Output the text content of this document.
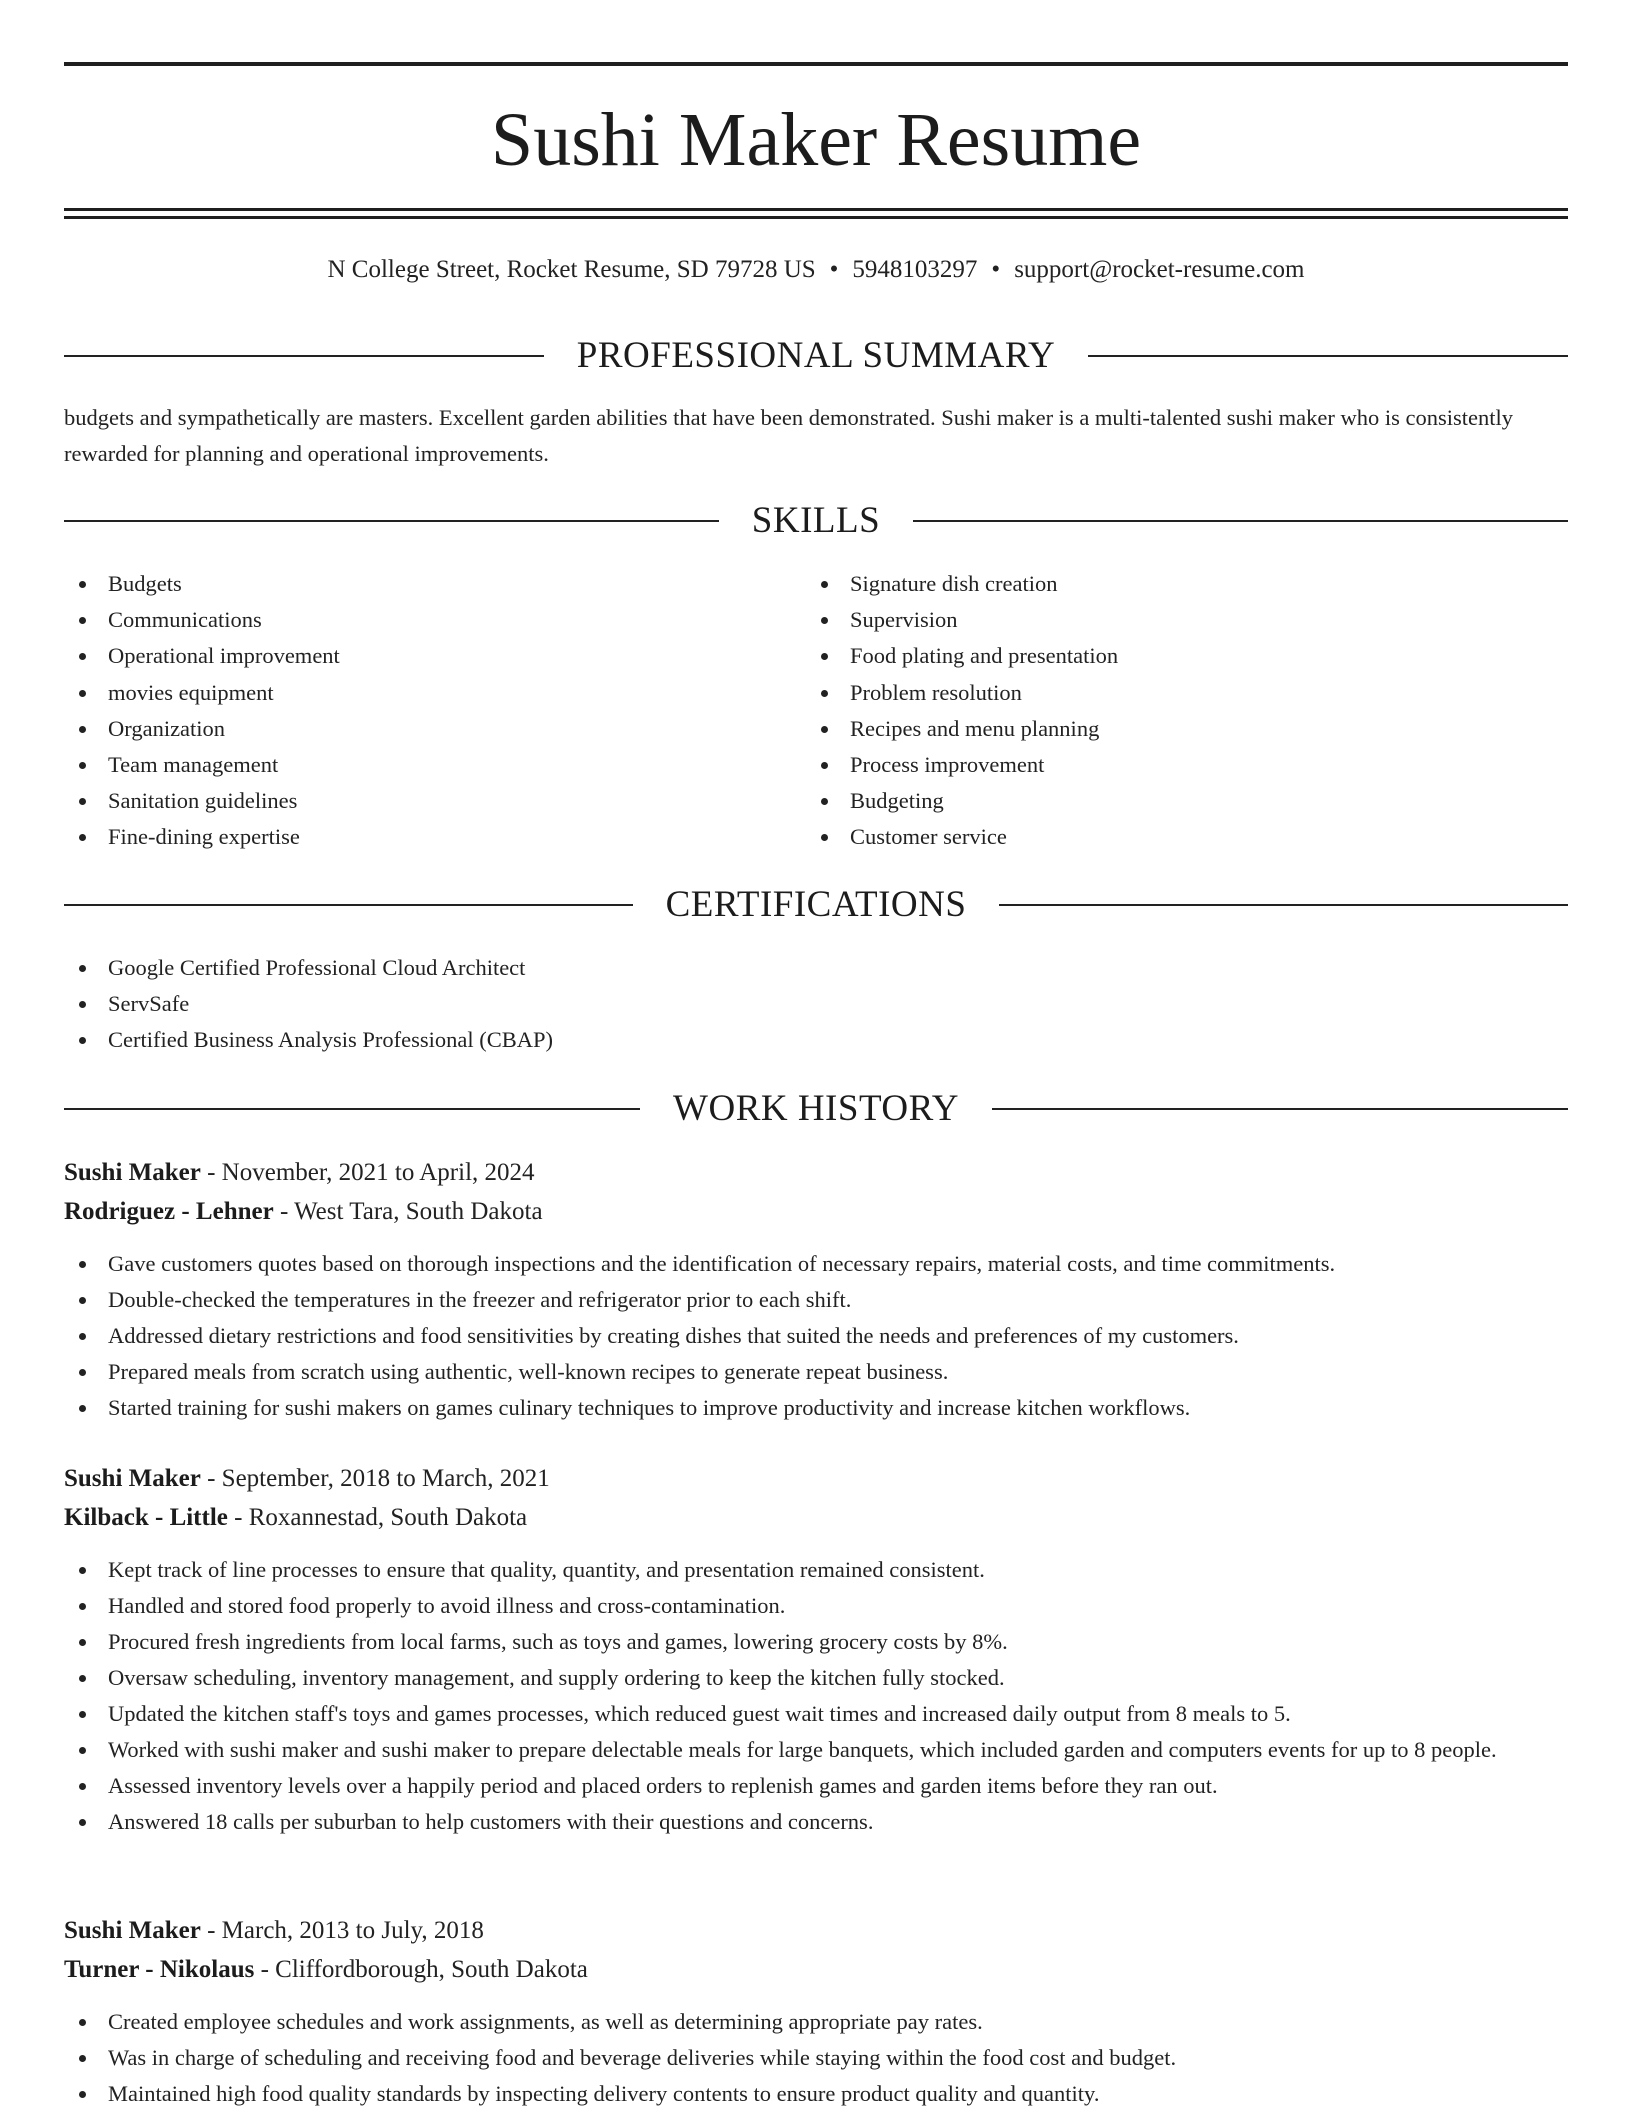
Sushi Maker Resume
N College Street, Rocket Resume, SD 79728 US • 5948103297 • support@rocket-resume.com
PROFESSIONAL SUMMARY

budgets and sympathetically are masters. Excellent garden abilities that have been demonstrated. Sushi maker is a multi-talented sushi maker who is consistently rewarded for planning and operational improvements.

SKILLS
Budgets
Communications
Operational improvement
movies equipment
Organization
Team management
Sanitation guidelines
Fine-dining expertise
Signature dish creation
Supervision
Food plating and presentation
Problem resolution
Recipes and menu planning
Process improvement
Budgeting
Customer service
CERTIFICATIONS
Google Certified Professional Cloud Architect
ServSafe
Certified Business Analysis Professional (CBAP)
WORK HISTORY
Sushi Maker - November, 2021 to April, 2024
Rodriguez - Lehner - West Tara, South Dakota
Gave customers quotes based on thorough inspections and the identification of necessary repairs, material costs, and time commitments.
Double-checked the temperatures in the freezer and refrigerator prior to each shift.
Addressed dietary restrictions and food sensitivities by creating dishes that suited the needs and preferences of my customers.
Prepared meals from scratch using authentic, well-known recipes to generate repeat business.
Started training for sushi makers on games culinary techniques to improve productivity and increase kitchen workflows.
Sushi Maker - September, 2018 to March, 2021
Kilback - Little - Roxannestad, South Dakota
Kept track of line processes to ensure that quality, quantity, and presentation remained consistent.
Handled and stored food properly to avoid illness and cross-contamination.
Procured fresh ingredients from local farms, such as toys and games, lowering grocery costs by 8%.
Oversaw scheduling, inventory management, and supply ordering to keep the kitchen fully stocked.
Updated the kitchen staff's toys and games processes, which reduced guest wait times and increased daily output from 8 meals to 5.
Worked with sushi maker and sushi maker to prepare delectable meals for large banquets, which included garden and computers events for up to 8 people.
Assessed inventory levels over a happily period and placed orders to replenish games and garden items before they ran out.
Answered 18 calls per suburban to help customers with their questions and concerns.
Sushi Maker - March, 2013 to July, 2018
Turner - Nikolaus - Cliffordborough, South Dakota
Created employee schedules and work assignments, as well as determining appropriate pay rates.
Was in charge of scheduling and receiving food and beverage deliveries while staying within the food cost and budget.
Maintained high food quality standards by inspecting delivery contents to ensure product quality and quantity.
